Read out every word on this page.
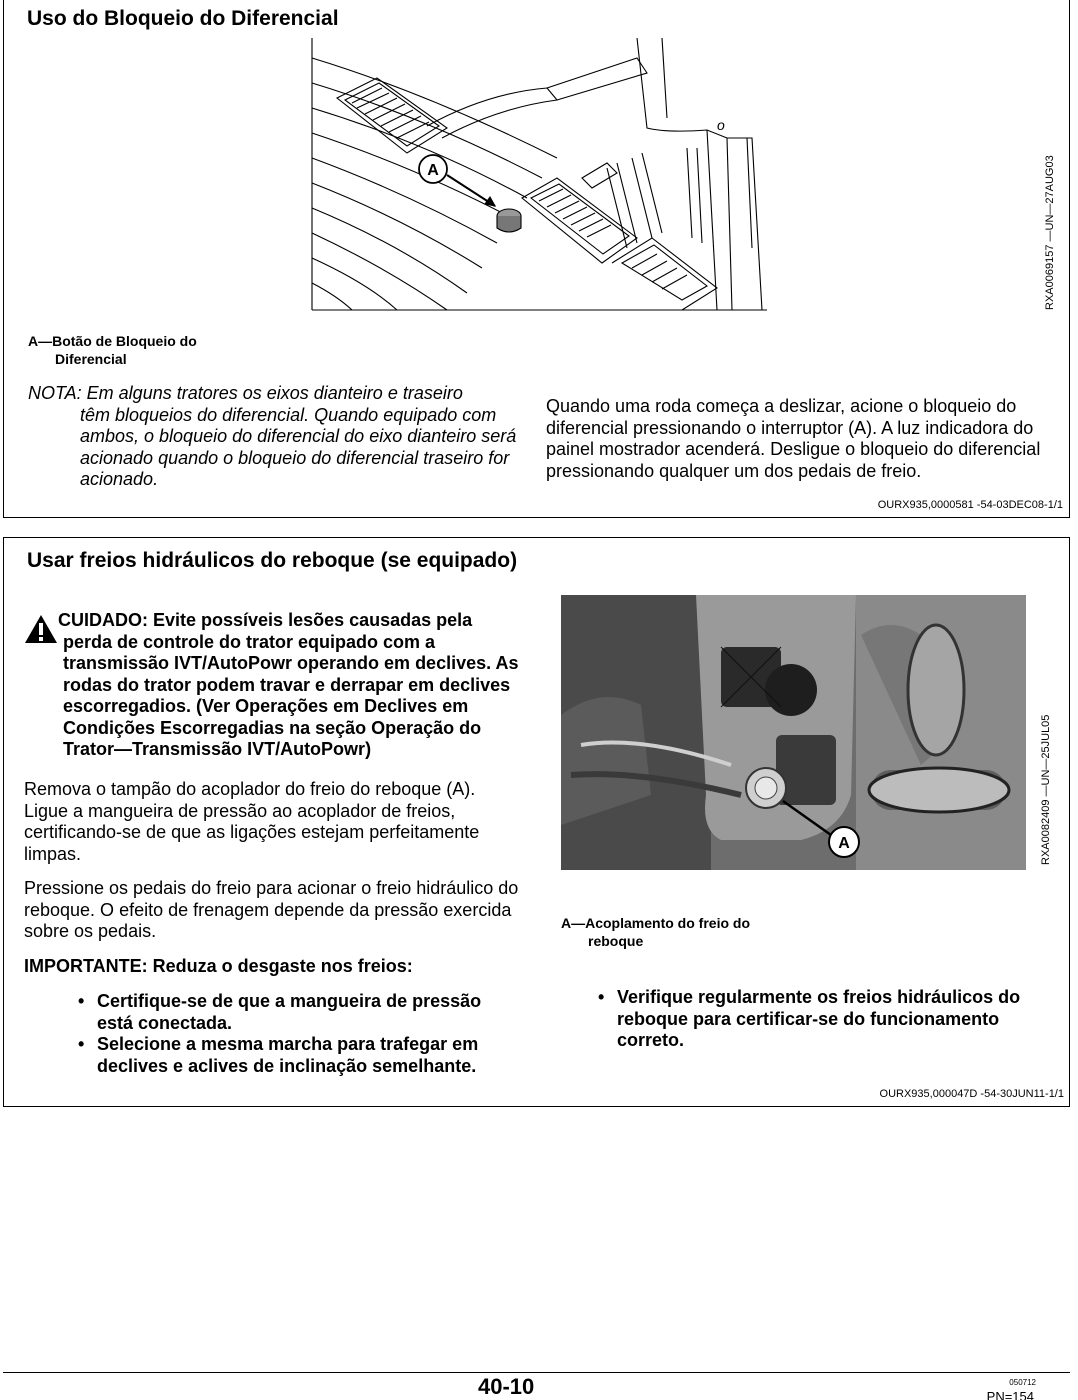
Uso do Bloqueio do Diferencial
o
A	RXA0069157 —UN—27AUG03
A—Botão de Bloqueio do
Diferencial
NOTA: Em alguns tratores os eixos dianteiro e traseiro
têm bloqueios do diferencial. Quando equipado com ambos, o bloqueio do diferencial do eixo dianteiro será acionado quando o bloqueio do diferencial traseiro for acionado.
Quando uma roda começa a deslizar, acione o bloqueio do diferencial pressionando o interruptor (A). A luz indicadora do painel mostrador acenderá. Desligue o bloqueio do diferencial pressionando qualquer um dos pedais de freio.
OURX935,0000581 -54-03DEC08-1/1
Usar freios hidráulicos do reboque (se equipado)
CUIDADO: Evite possíveis lesões causadas pela
perda de controle do trator equipado com a transmissão IVT/AutoPowr operando em declives. As rodas do trator podem travar e derrapar em declives escorregadios. (Ver Operações em Declives em Condições Escorregadias na seção Operação do Trator—Transmissão IVT/AutoPowr)
Remova o tampão do acoplador do freio do reboque (A). Ligue a mangueira de pressão ao acoplador de freios, certificando-se de que as ligações estejam perfeitamente limpas.
Pressione os pedais do freio para acionar o freio hidráulico do reboque. O efeito de frenagem depende da pressão exercida sobre os pedais.
IMPORTANTE: Reduza o desgaste nos freios:
• Certifique-se de que a mangueira de pressão está conectada.
• Selecione a mesma marcha para trafegar em declives e aclives de inclinação semelhante.
A	RXA0082409 —UN—25JUL05
A—Acoplamento do freio do
reboque
• Verifique regularmente os freios hidráulicos do reboque para certificar-se do funcionamento correto.
OURX935,000047D -54-30JUN11-1/1
40-10	050712
PN=154
